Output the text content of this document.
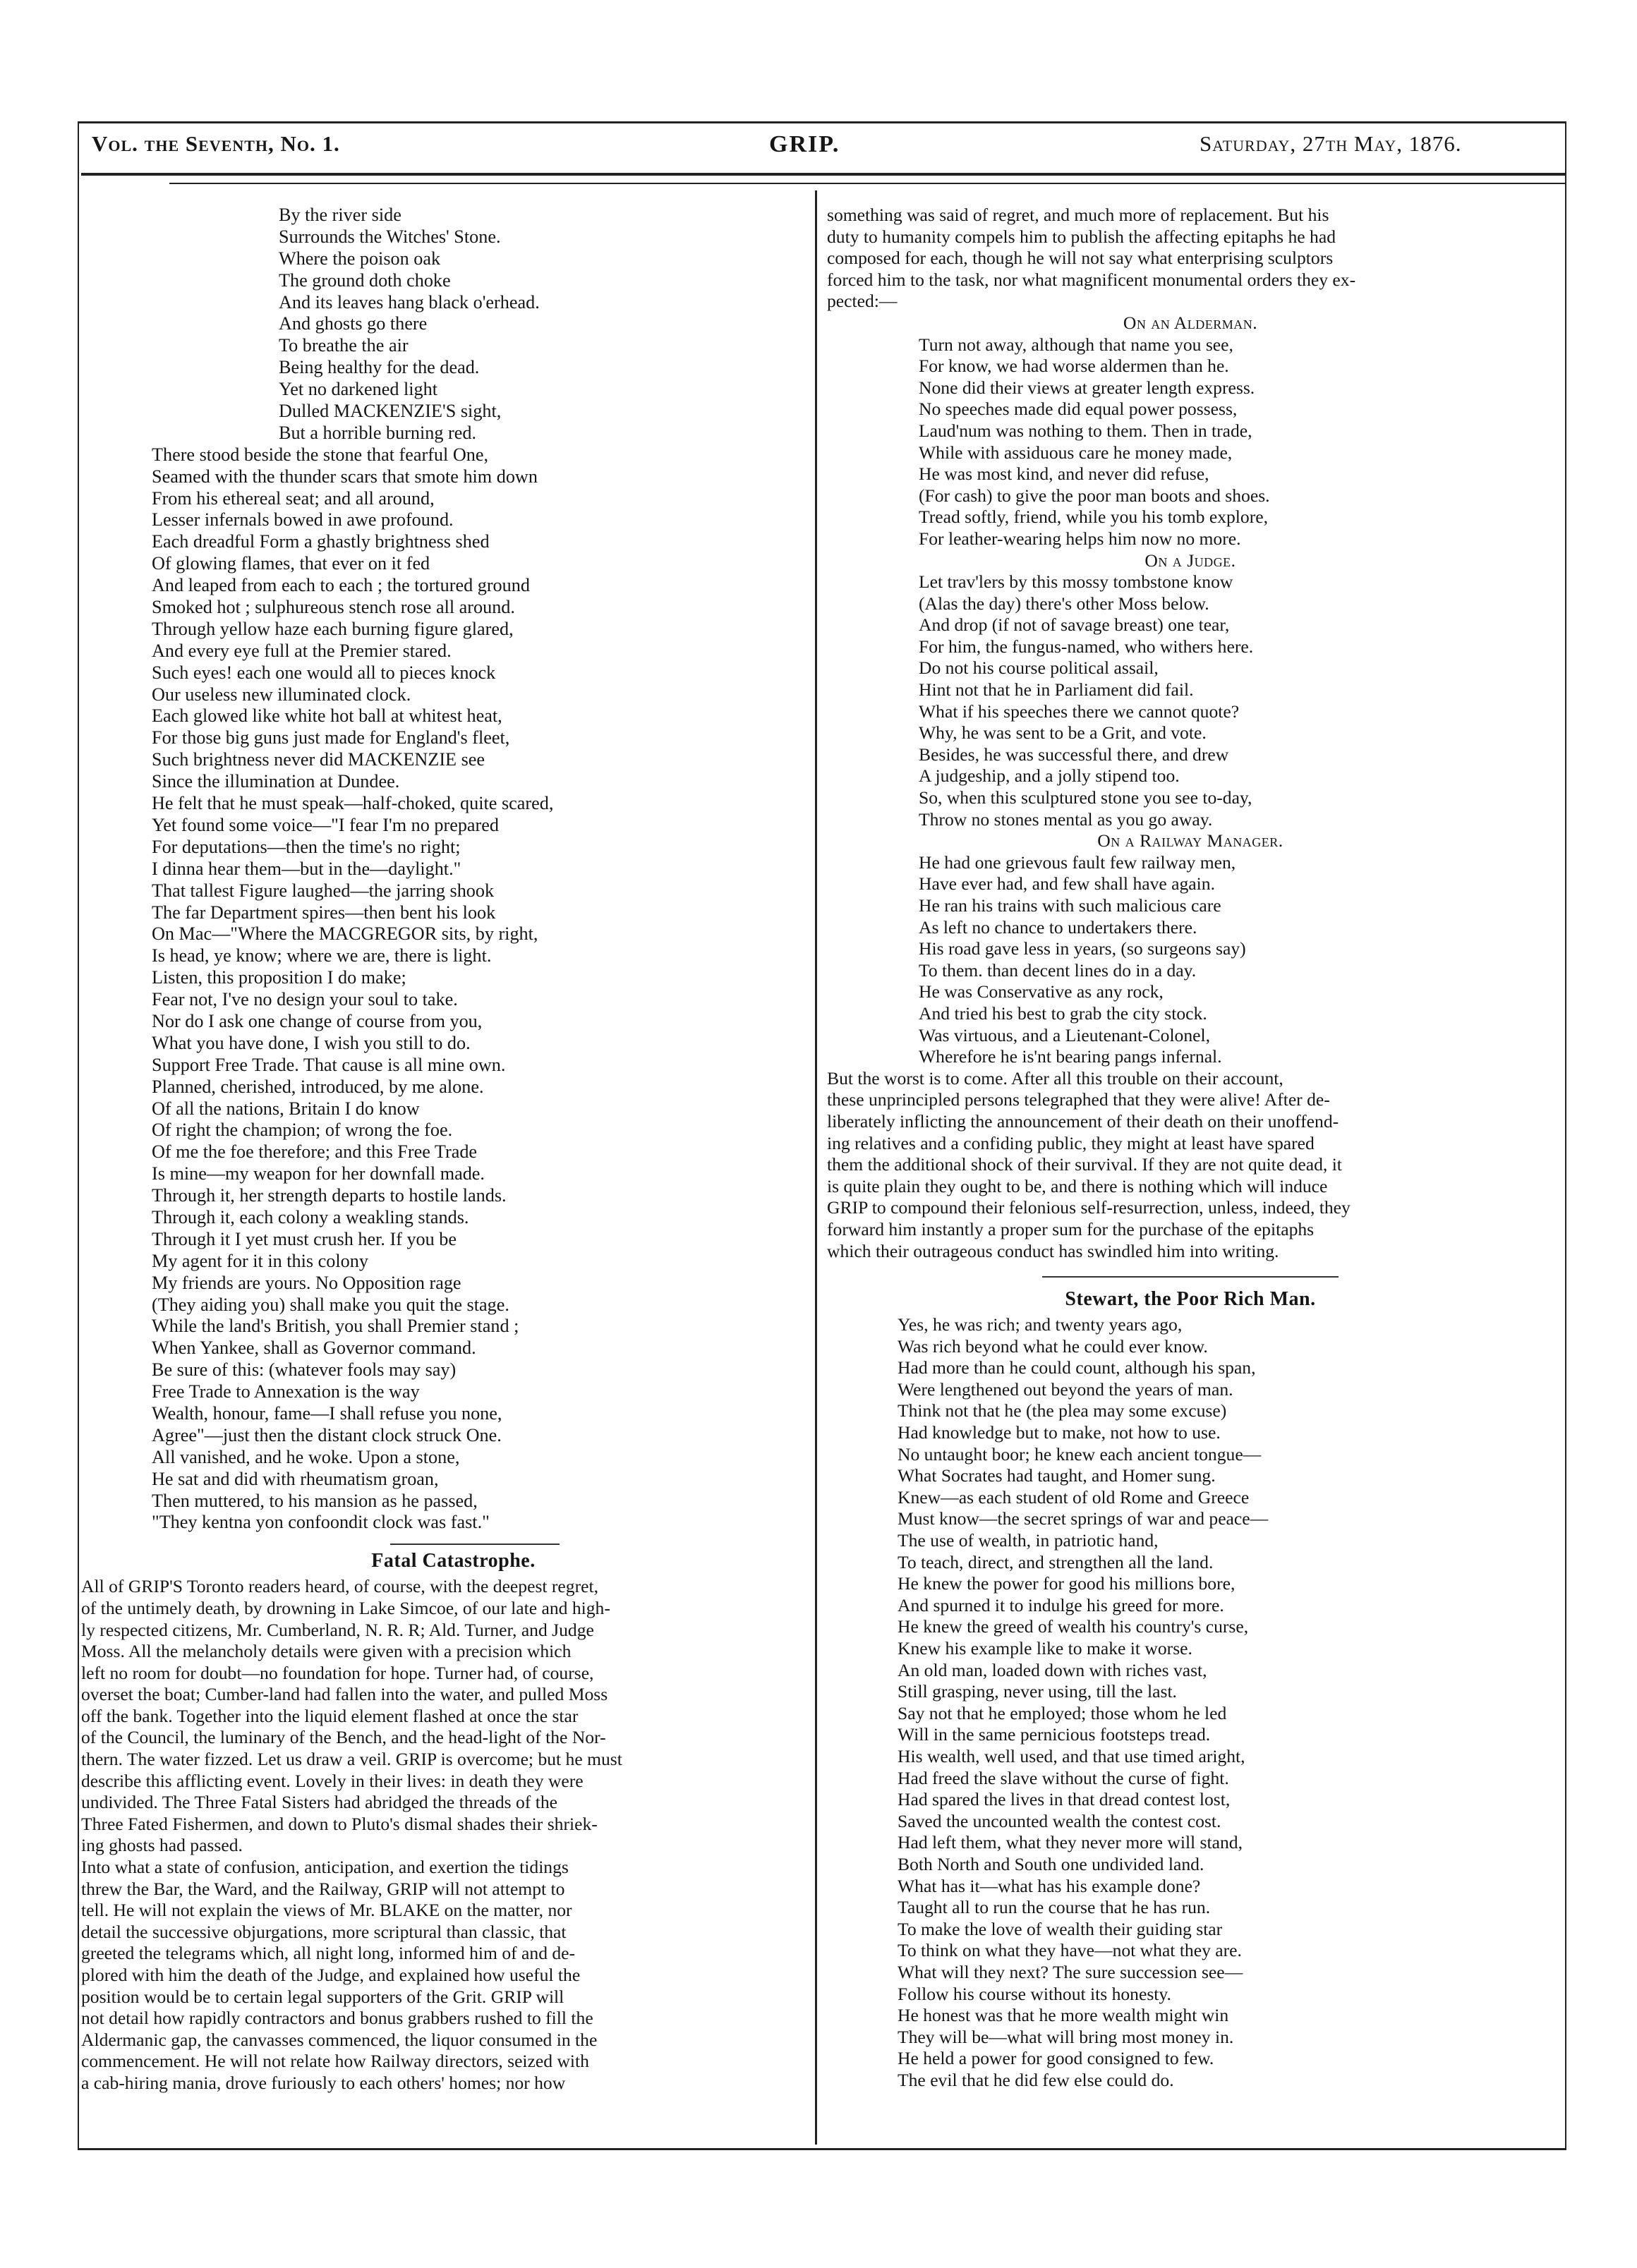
Vol. the Seventh, No. 1.	GRIP.	Saturday, 27th May, 1876.
By the river side
Surrounds the Witches' Stone.
Where the poison oak
The ground doth choke
And its leaves hang black o'erhead.
And ghosts go there
To breathe the air
Being healthy for the dead.
Yet no darkened light
Dulled MACKENZIE'S sight,
But a horrible burning red.
There stood beside the stone that fearful One,
Seamed with the thunder scars that smote him down
From his ethereal seat; and all around,
Lesser infernals bowed in awe profound.
Each dreadful Form a ghastly brightness shed
Of glowing flames, that ever on it fed
And leaped from each to each ; the tortured ground
Smoked hot ; sulphureous stench rose all around.
Through yellow haze each burning figure glared,
And every eye full at the Premier stared.
Such eyes! each one would all to pieces knock
Our useless new illuminated clock.
Each glowed like white hot ball at whitest heat,
For those big guns just made for England's fleet,
Such brightness never did MACKENZIE see
Since the illumination at Dundee.
He felt that he must speak—half-choked, quite scared,
Yet found some voice—"I fear I'm no prepared
For deputations—then the time's no right;
I dinna hear them—but in the—daylight."
That tallest Figure laughed—the jarring shook
The far Department spires—then bent his look
On Mac—"Where the MACGREGOR sits, by right,
Is head, ye know; where we are, there is light.
Listen, this proposition I do make;
Fear not, I've no design your soul to take.
Nor do I ask one change of course from you,
What you have done, I wish you still to do.
Support Free Trade. That cause is all mine own.
Planned, cherished, introduced, by me alone.
Of all the nations, Britain I do know
Of right the champion; of wrong the foe.
Of me the foe therefore; and this Free Trade
Is mine—my weapon for her downfall made.
Through it, her strength departs to hostile lands.
Through it, each colony a weakling stands.
Through it I yet must crush her. If you be
My agent for it in this colony
My friends are yours. No Opposition rage
(They aiding you) shall make you quit the stage.
While the land's British, you shall Premier stand ;
When Yankee, shall as Governor command.
Be sure of this: (whatever fools may say)
Free Trade to Annexation is the way
Wealth, honour, fame—I shall refuse you none,
Agree"—just then the distant clock struck One.
All vanished, and he woke. Upon a stone,
He sat and did with rheumatism groan,
Then muttered, to his mansion as he passed,
"They kentna yon confoondit clock was fast."
Fatal Catastrophe.
All of GRIP'S Toronto readers heard, of course, with the deepest regret,
of the untimely death, by drowning in Lake Simcoe, of our late and high-
ly respected citizens, Mr. Cumberland, N. R. R; Ald. Turner, and Judge
Moss. All the melancholy details were given with a precision which
left no room for doubt—no foundation for hope. Turner had, of course,
overset the boat; Cumber-land had fallen into the water, and pulled Moss
off the bank. Together into the liquid element flashed at once the star
of the Council, the luminary of the Bench, and the head-light of the Nor-
thern. The water fizzed. Let us draw a veil. GRIP is overcome; but he must
describe this afflicting event. Lovely in their lives: in death they were
undivided. The Three Fatal Sisters had abridged the threads of the
Three Fated Fishermen, and down to Pluto's dismal shades their shriek-
ing ghosts had passed.
Into what a state of confusion, anticipation, and exertion the tidings
threw the Bar, the Ward, and the Railway, GRIP will not attempt to
tell. He will not explain the views of Mr. BLAKE on the matter, nor
detail the successive objurgations, more scriptural than classic, that
greeted the telegrams which, all night long, informed him of and de-
plored with him the death of the Judge, and explained how useful the
position would be to certain legal supporters of the Grit. GRIP will
not detail how rapidly contractors and bonus grabbers rushed to fill the
Aldermanic gap, the canvasses commenced, the liquor consumed in the
commencement. He will not relate how Railway directors, seized with
a cab-hiring mania, drove furiously to each others' homes; nor how
something was said of regret, and much more of replacement. But his
duty to humanity compels him to publish the affecting epitaphs he had
composed for each, though he will not say what enterprising sculptors
forced him to the task, nor what magnificent monumental orders they ex-
pected:—
On an Alderman.
Turn not away, although that name you see,
For know, we had worse aldermen than he.
None did their views at greater length express.
No speeches made did equal power possess,
Laud'num was nothing to them. Then in trade,
While with assiduous care he money made,
He was most kind, and never did refuse,
(For cash) to give the poor man boots and shoes.
Tread softly, friend, while you his tomb explore,
For leather-wearing helps him now no more.
On a Judge.
Let trav'lers by this mossy tombstone know
(Alas the day) there's other Moss below.
And drop (if not of savage breast) one tear,
For him, the fungus-named, who withers here.
Do not his course political assail,
Hint not that he in Parliament did fail.
What if his speeches there we cannot quote?
Why, he was sent to be a Grit, and vote.
Besides, he was successful there, and drew
A judgeship, and a jolly stipend too.
So, when this sculptured stone you see to-day,
Throw no stones mental as you go away.
On a Railway Manager.
He had one grievous fault few railway men,
Have ever had, and few shall have again.
He ran his trains with such malicious care
As left no chance to undertakers there.
His road gave less in years, (so surgeons say)
To them. than decent lines do in a day.
He was Conservative as any rock,
And tried his best to grab the city stock.
Was virtuous, and a Lieutenant-Colonel,
Wherefore he is'nt bearing pangs infernal.
But the worst is to come. After all this trouble on their account,
these unprincipled persons telegraphed that they were alive! After de-
liberately inflicting the announcement of their death on their unoffend-
ing relatives and a confiding public, they might at least have spared
them the additional shock of their survival. If they are not quite dead, it
is quite plain they ought to be, and there is nothing which will induce
GRIP to compound their felonious self-resurrection, unless, indeed, they
forward him instantly a proper sum for the purchase of the epitaphs
which their outrageous conduct has swindled him into writing.
Stewart, the Poor Rich Man.
Yes, he was rich; and twenty years ago,
Was rich beyond what he could ever know.
Had more than he could count, although his span,
Were lengthened out beyond the years of man.
Think not that he (the plea may some excuse)
Had knowledge but to make, not how to use.
No untaught boor; he knew each ancient tongue—
What Socrates had taught, and Homer sung.
Knew—as each student of old Rome and Greece
Must know—the secret springs of war and peace—
The use of wealth, in patriotic hand,
To teach, direct, and strengthen all the land.
He knew the power for good his millions bore,
And spurned it to indulge his greed for more.
He knew the greed of wealth his country's curse,
Knew his example like to make it worse.
An old man, loaded down with riches vast,
Still grasping, never using, till the last.
Say not that he employed; those whom he led
Will in the same pernicious footsteps tread.
His wealth, well used, and that use timed aright,
Had freed the slave without the curse of fight.
Had spared the lives in that dread contest lost,
Saved the uncounted wealth the contest cost.
Had left them, what they never more will stand,
Both North and South one undivided land.
What has it—what has his example done?
Taught all to run the course that he has run.
To make the love of wealth their guiding star
To think on what they have—not what they are.
What will they next? The sure succession see—
Follow his course without its honesty.
He honest was that he more wealth might win
They will be—what will bring most money in.
He held a power for good consigned to few.
The evil that he did few else could do.
